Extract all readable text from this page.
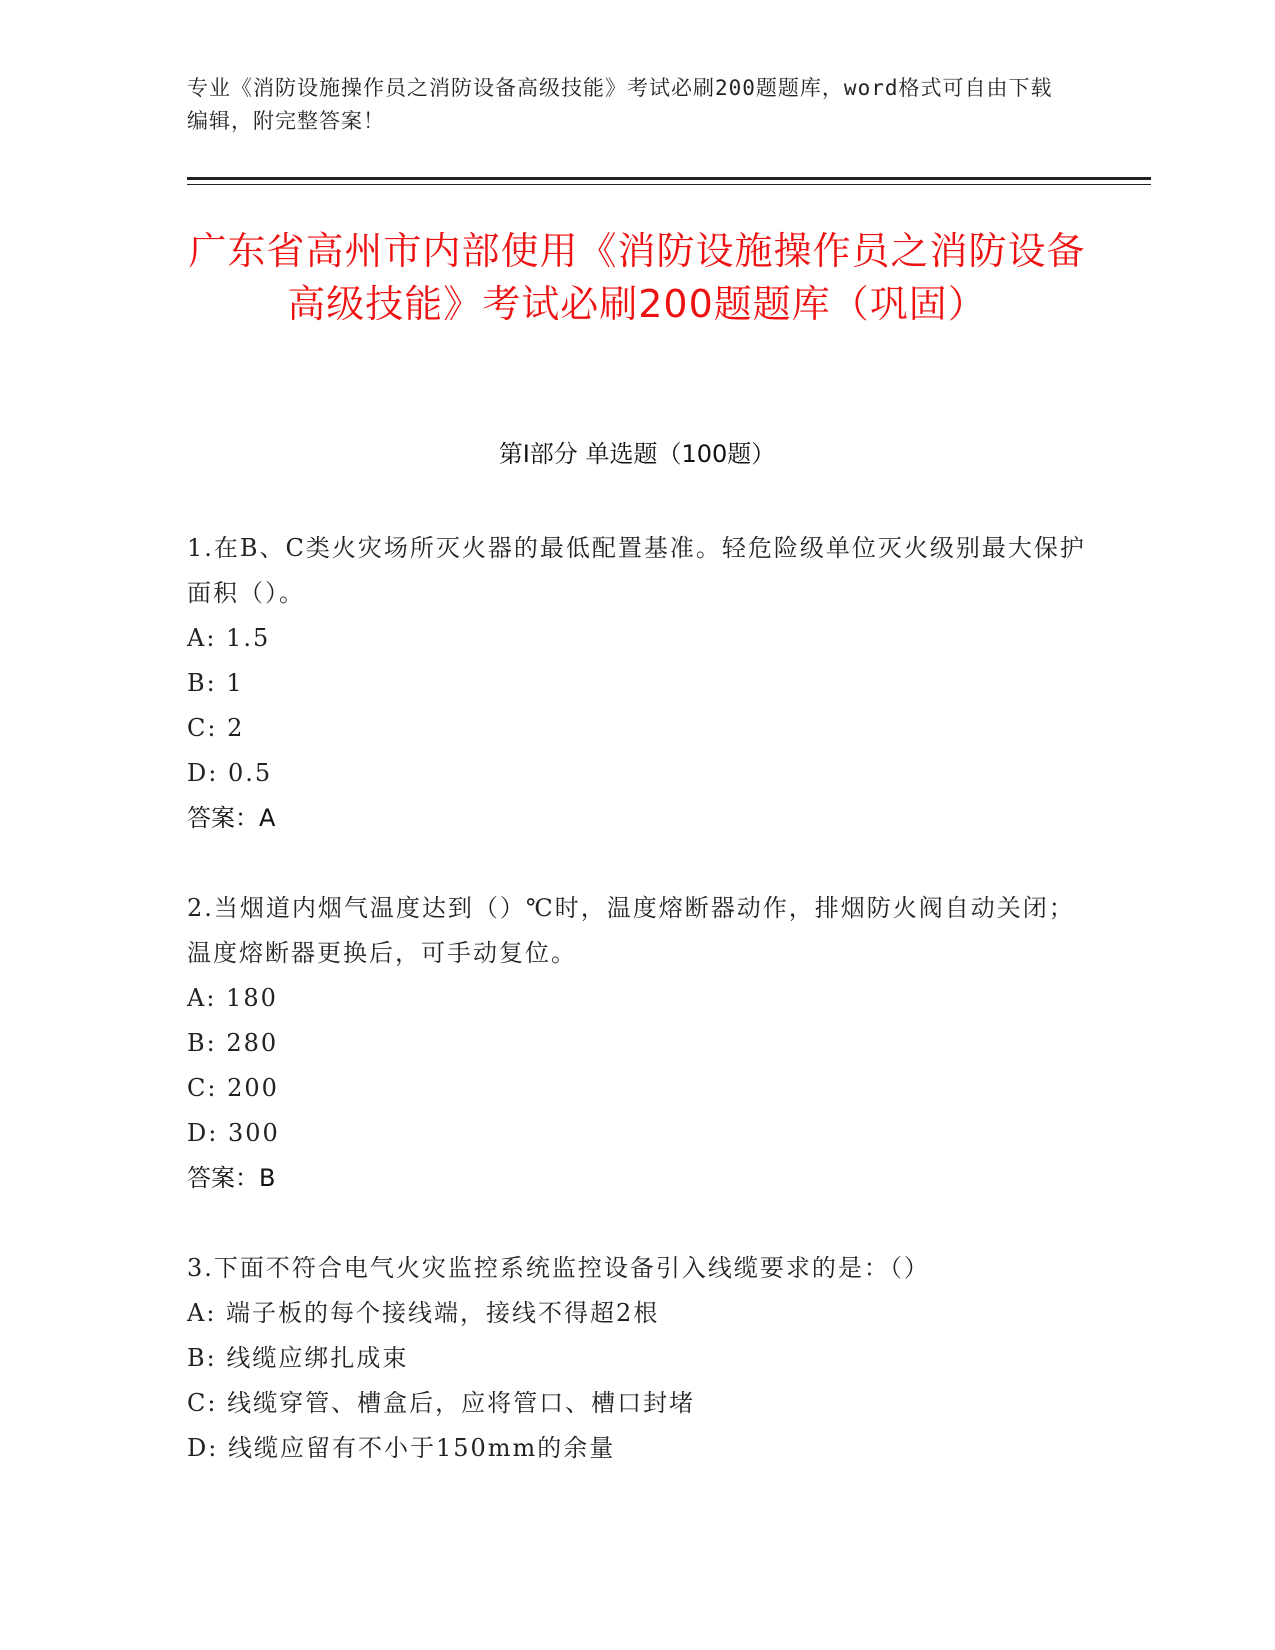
专业《消防设施操作员之消防设备高级技能》考试必刷200题题库，word格式可自由下载编辑，附完整答案！
广东省高州市内部使用《消防设施操作员之消防设备高级技能》考试必刷200题题库（巩固）
第I部分 单选题（100题）
1.在B、C类火灾场所灭火器的最低配置基准。轻危险级单位灭火级别最大保护面积（）。
A: 1.5
B: 1
C: 2
D: 0.5
答案：A
2.当烟道内烟气温度达到（）℃时，温度熔断器动作，排烟防火阀自动关闭；温度熔断器更换后，可手动复位。
A: 180
B: 280
C: 200
D: 300
答案：B
3.下面不符合电气火灾监控系统监控设备引入线缆要求的是：（）
A: 端子板的每个接线端，接线不得超2根
B: 线缆应绑扎成束
C: 线缆穿管、槽盒后，应将管口、槽口封堵
D: 线缆应留有不小于150mm的余量
